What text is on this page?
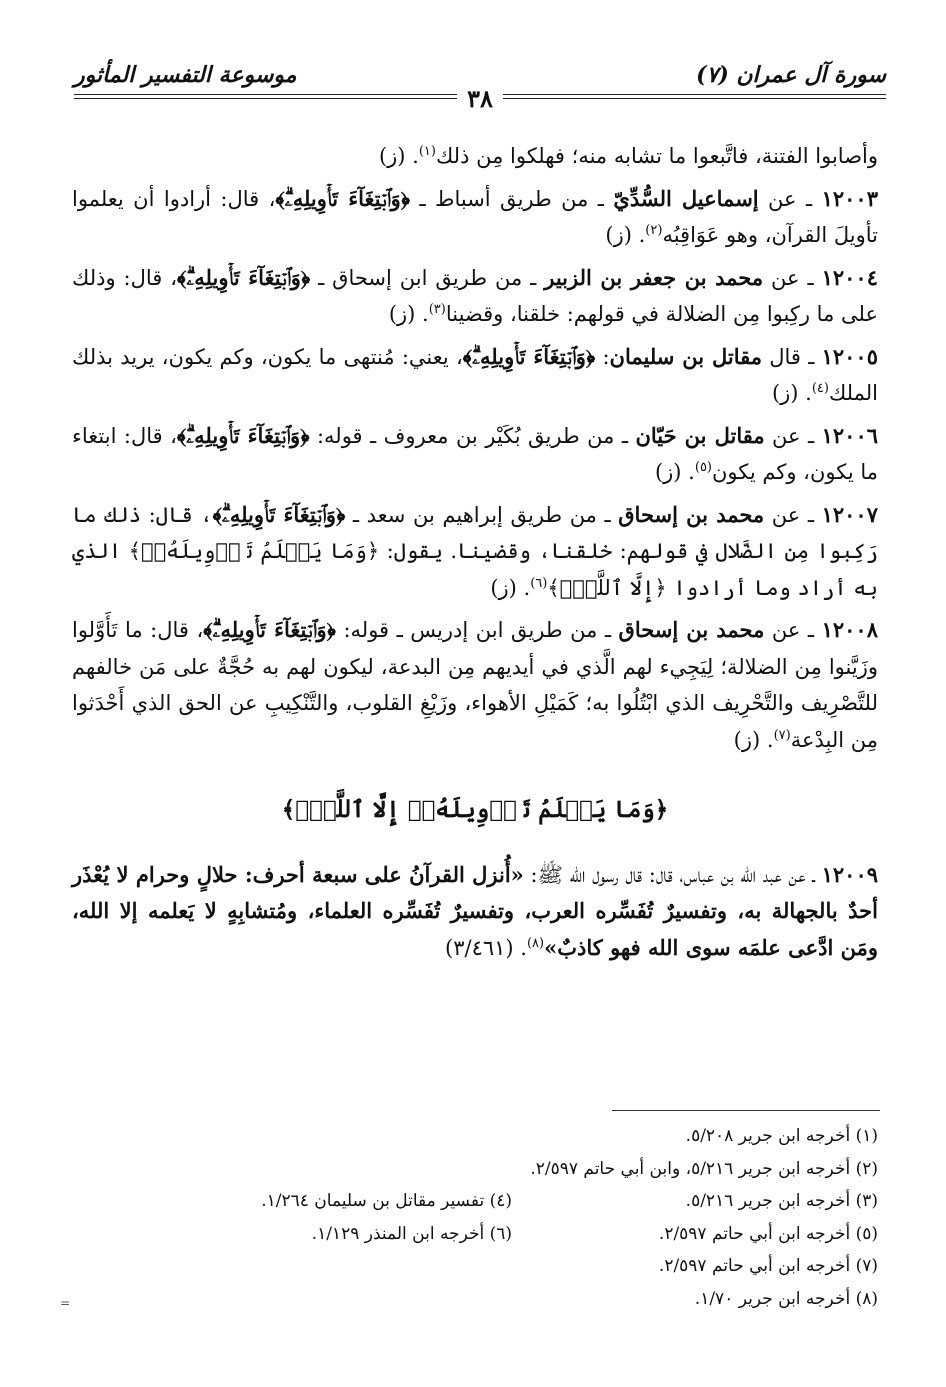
سورة آل عمران (٧)
موسوعة التفسير المأثور
٣٨

وأصابوا الفتنة، فاتَّبعوا ما تشابه منه؛ فهلكوا مِن ذلك$^{(١)}$. (ز)

١٢٠٠٣ ـ عن إسماعيل السُّدِّيّ ـ من طريق أسباط ـ ﴿وَٱبۡتِغَآءَ تَأۡوِيلِهِۦۗ﴾، قال: أرادوا أن يعلموا تأويلَ القرآن، وهو عَوَاقِبُه$^{(٢)}$. (ز)

١٢٠٠٤ ـ عن محمد بن جعفر بن الزبير ـ من طريق ابن إسحاق ـ ﴿وَٱبۡتِغَآءَ تَأۡوِيلِهِۦۗ﴾، قال: وذلك على ما ركِبوا مِن الضلالة في قولهم: خلقنا، وقضينا$^{(٣)}$. (ز)

١٢٠٠٥ ـ قال مقاتل بن سليمان: ﴿وَٱبۡتِغَآءَ تَأۡوِيلِهِۦۗ﴾، يعني: مُنتهى ما يكون، وكم يكون، يريد بذلك الملك$^{(٤)}$. (ز)

١٢٠٠٦ ـ عن مقاتل بن حَيّان ـ من طريق بُكَيْر بن معروف ـ قوله: ﴿وَٱبۡتِغَآءَ تَأۡوِيلِهِۦۗ﴾، قال: ابتغاء ما يكون، وكم يكون$^{(٥)}$. (ز)

١٢٠٠٧ ـ عن محمد بن إسحاق ـ من طريق إبراهيم بن سعد ـ ﴿وَٱبۡتِغَآءَ تَأۡوِيلِهِۦۗ﴾، قال: ذلك ما رَكِبوا مِن الضَّلال في قولهم: خلقنا، وقضينا. يقول: ﴿وَمَا يَعۡلَمُ تَأۡوِيلَهُۥٓ﴾ الذي به أراد وما أرادوا ﴿إِلَّا ٱللَّهُۗ﴾$^{(٦)}$. (ز)

١٢٠٠٨ ـ عن محمد بن إسحاق ـ من طريق ابن إدريس ـ قوله: ﴿وَٱبۡتِغَآءَ تَأۡوِيلِهِۦۗ﴾، قال: ما تَأَوَّلوا وزَيَّنوا مِن الضلالة؛ لِيَجِيء لهم الَّذي في أيديهم مِن البدعة، ليكون لهم به حُجَّةٌ على مَن خالفهم للتَّصْرِيف والتَّحْرِيف الذي ابْتُلُوا به؛ كَمَيْلِ الأهواء، وزَيْغِ القلوب، والتَّنْكِيبِ عن الحق الذي أَحْدَثوا مِن البِدْعة$^{(٧)}$. (ز)

﴿وَمَا يَعۡلَمُ تَأۡوِيلَهُۥٓ إِلَّا ٱللَّهُۗ﴾

١٢٠٠٩ ـ عن عبد الله بن عباس، قال: قال رسول الله ﷺ: «أُنزل القرآنُ على سبعة أحرف: حلالٍ وحرام لا يُعْذَر أحدٌ بالجهالة به، وتفسيرٌ تُفَسِّره العرب، وتفسيرٌ تُفَسِّره العلماء، ومُتشابِهٍ لا يَعلمه إلا الله، ومَن ادَّعى علمَه سوى الله فهو كاذبٌ»$^{(٨)}$. (٣/٤٦١)

(١) أخرجه ابن جرير ٥/٢٠٨.
(٢) أخرجه ابن جرير ٥/٢١٦، وابن أبي حاتم ٢/٥٩٧.
(٣) أخرجه ابن جرير ٥/٢١٦.
(٤) تفسير مقاتل بن سليمان ١/٢٦٤.
(٥) أخرجه ابن أبي حاتم ٢/٥٩٧.
(٦) أخرجه ابن المنذر ١/١٢٩.
(٧) أخرجه ابن أبي حاتم ٢/٥٩٧.
(٨) أخرجه ابن جرير ١/٧٠.
=
